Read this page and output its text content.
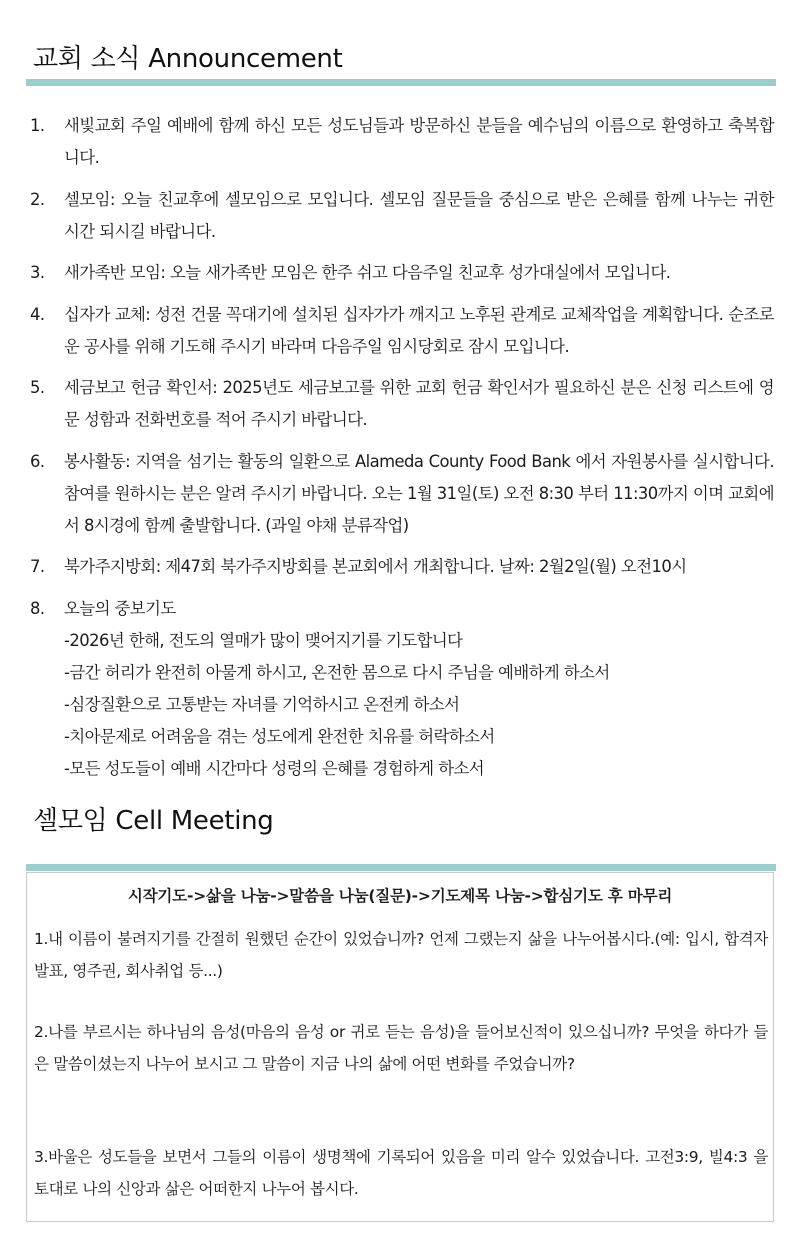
교회 소식 Announcement
1. 새빛교회 주일 예배에 함께 하신 모든 성도님들과 방문하신 분들을 예수님의 이름으로 환영하고 축복합니다.
2. 셀모임: 오늘 친교후에 셀모임으로 모입니다. 셀모임 질문들을 중심으로 받은 은혜를 함께 나누는 귀한 시간 되시길 바랍니다.
3. 새가족반 모임: 오늘 새가족반 모임은 한주 쉬고 다음주일 친교후 성가대실에서 모입니다.
4. 십자가 교체: 성전 건물 꼭대기에 설치된 십자가가 깨지고 노후된 관계로 교체작업을 계획합니다. 순조로운 공사를 위해 기도해 주시기 바라며 다음주일 임시당회로 잠시 모입니다.
5. 세금보고 헌금 확인서: 2025년도 세금보고를 위한 교회 헌금 확인서가 필요하신 분은 신청 리스트에 영문 성함과 전화번호를 적어 주시기 바랍니다.
6. 봉사활동: 지역을 섬기는 활동의 일환으로 Alameda County Food Bank 에서 자원봉사를 실시합니다. 참여를 원하시는 분은 알려 주시기 바랍니다. 오는 1월 31일(토) 오전 8:30 부터 11:30까지 이며 교회에서 8시경에 함께 출발합니다. (과일 야채 분류작업)
7. 북가주지방회: 제47회 북가주지방회를 본교회에서 개최합니다. 날짜: 2월2일(월) 오전10시
8. 오늘의 중보기도
-2026년 한해, 전도의 열매가 많이 맺어지기를 기도합니다
-금간 허리가 완전히 아물게 하시고, 온전한 몸으로 다시 주님을 예배하게 하소서
-심장질환으로 고통받는 자녀를 기억하시고 온전케 하소서
-치아문제로 어려움을 겪는 성도에게 완전한 치유를 허락하소서
-모든 성도들이 예배 시간마다 성령의 은혜를 경험하게 하소서
셀모임 Cell Meeting
시작기도->삶을 나눔->말씀을 나눔(질문)->기도제목 나눔->합심기도 후 마무리

1.내 이름이 불려지기를 간절히 원했던 순간이 있었습니까? 언제 그랬는지 삶을 나누어봅시다.(예: 입시, 합격자 발표, 영주권, 회사취업 등...)

2.나를 부르시는 하나님의 음성(마음의 음성 or 귀로 듣는 음성)을 들어보신적이 있으십니까? 무엇을 하다가 들은 말씀이셨는지 나누어 보시고 그 말씀이 지금 나의 삶에 어떤 변화를 주었습니까?

3.바울은 성도들을 보면서 그들의 이름이 생명책에 기록되어 있음을 미리 알수 있었습니다. 고전3:9, 빌4:3 을 토대로 나의 신앙과 삶은 어떠한지 나누어 봅시다.
